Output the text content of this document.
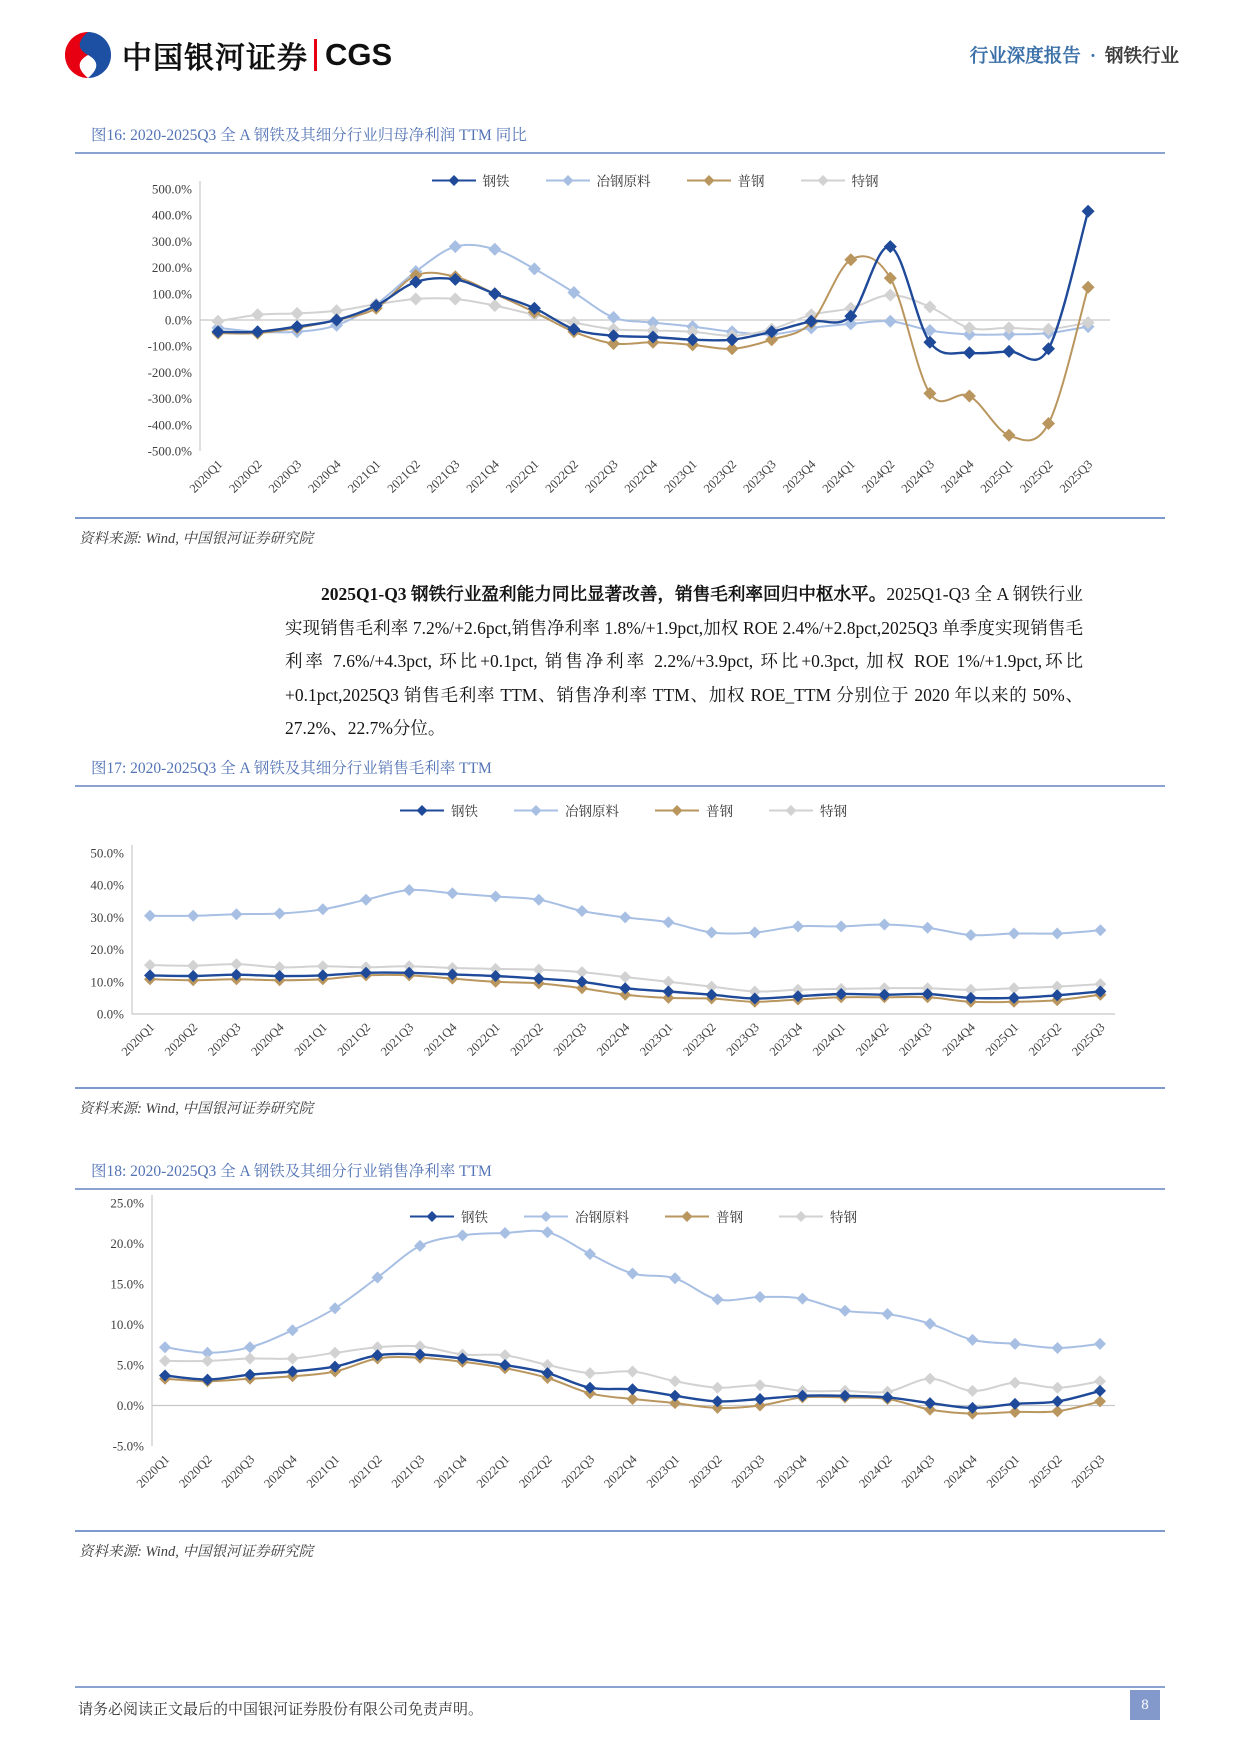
中国银河证券 CGS	行业深度报告 · 钢铁行业
图16: 2020-2025Q3 全 A 钢铁及其细分行业归母净利润 TTM 同比
500.0%
400.0%
300.0%
200.0%
100.0%
0.0%
-100.0%
-200.0%
-300.0%
-400.0%
-500.0%
2020Q1 2020Q2 2020Q3 2020Q4 2021Q1 2021Q2 2021Q3 2021Q4 2022Q1 2022Q2 2022Q3 2022Q4 2023Q1 2023Q2 2023Q3 2023Q4 2024Q1 2024Q2 2024Q3 2024Q4 2025Q1 2025Q2 2025Q3
钢铁	冶钢原料	普钢	特钢
资料来源: Wind, 中国银河证券研究院

2025Q1-Q3 钢铁行业盈利能力同比显著改善，销售毛利率回归中枢水平。2025Q1-Q3 全 A 钢铁行业实现销售毛利率 7.2%/+2.6pct,销售净利率 1.8%/+1.9pct,加权 ROE 2.4%/+2.8pct,2025Q3 单季度实现销售毛利率 7.6%/+4.3pct, 环比+0.1pct, 销售净利率 2.2%/+3.9pct, 环比+0.3pct, 加权 ROE 1%/+1.9pct,环比+0.1pct,2025Q3 销售毛利率 TTM、销售净利率 TTM、加权 ROE_TTM 分别位于 2020 年以来的 50%、27.2%、22.7%分位。

图17: 2020-2025Q3 全 A 钢铁及其细分行业销售毛利率 TTM
50.0%
40.0%
30.0%
20.0%
10.0%
0.0%
2020Q1 2020Q2 2020Q3 2020Q4 2021Q1 2021Q2 2021Q3 2021Q4 2022Q1 2022Q2 2022Q3 2022Q4 2023Q1 2023Q2 2023Q3 2023Q4 2024Q1 2024Q2 2024Q3 2024Q4 2025Q1 2025Q2 2025Q3
钢铁	冶钢原料	普钢	特钢
资料来源: Wind, 中国银河证券研究院
图18: 2020-2025Q3 全 A 钢铁及其细分行业销售净利率 TTM
25.0%
20.0%
15.0%
10.0%
5.0%
0.0%
-5.0%
2020Q1 2020Q2 2020Q3 2020Q4 2021Q1 2021Q2 2021Q3 2021Q4 2022Q1 2022Q2 2022Q3 2022Q4 2023Q1 2023Q2 2023Q3 2023Q4 2024Q1 2024Q2 2024Q3 2024Q4 2025Q1 2025Q2 2025Q3
钢铁	冶钢原料	普钢	特钢
资料来源: Wind, 中国银河证券研究院
请务必阅读正文最后的中国银河证券股份有限公司免责声明。	8
